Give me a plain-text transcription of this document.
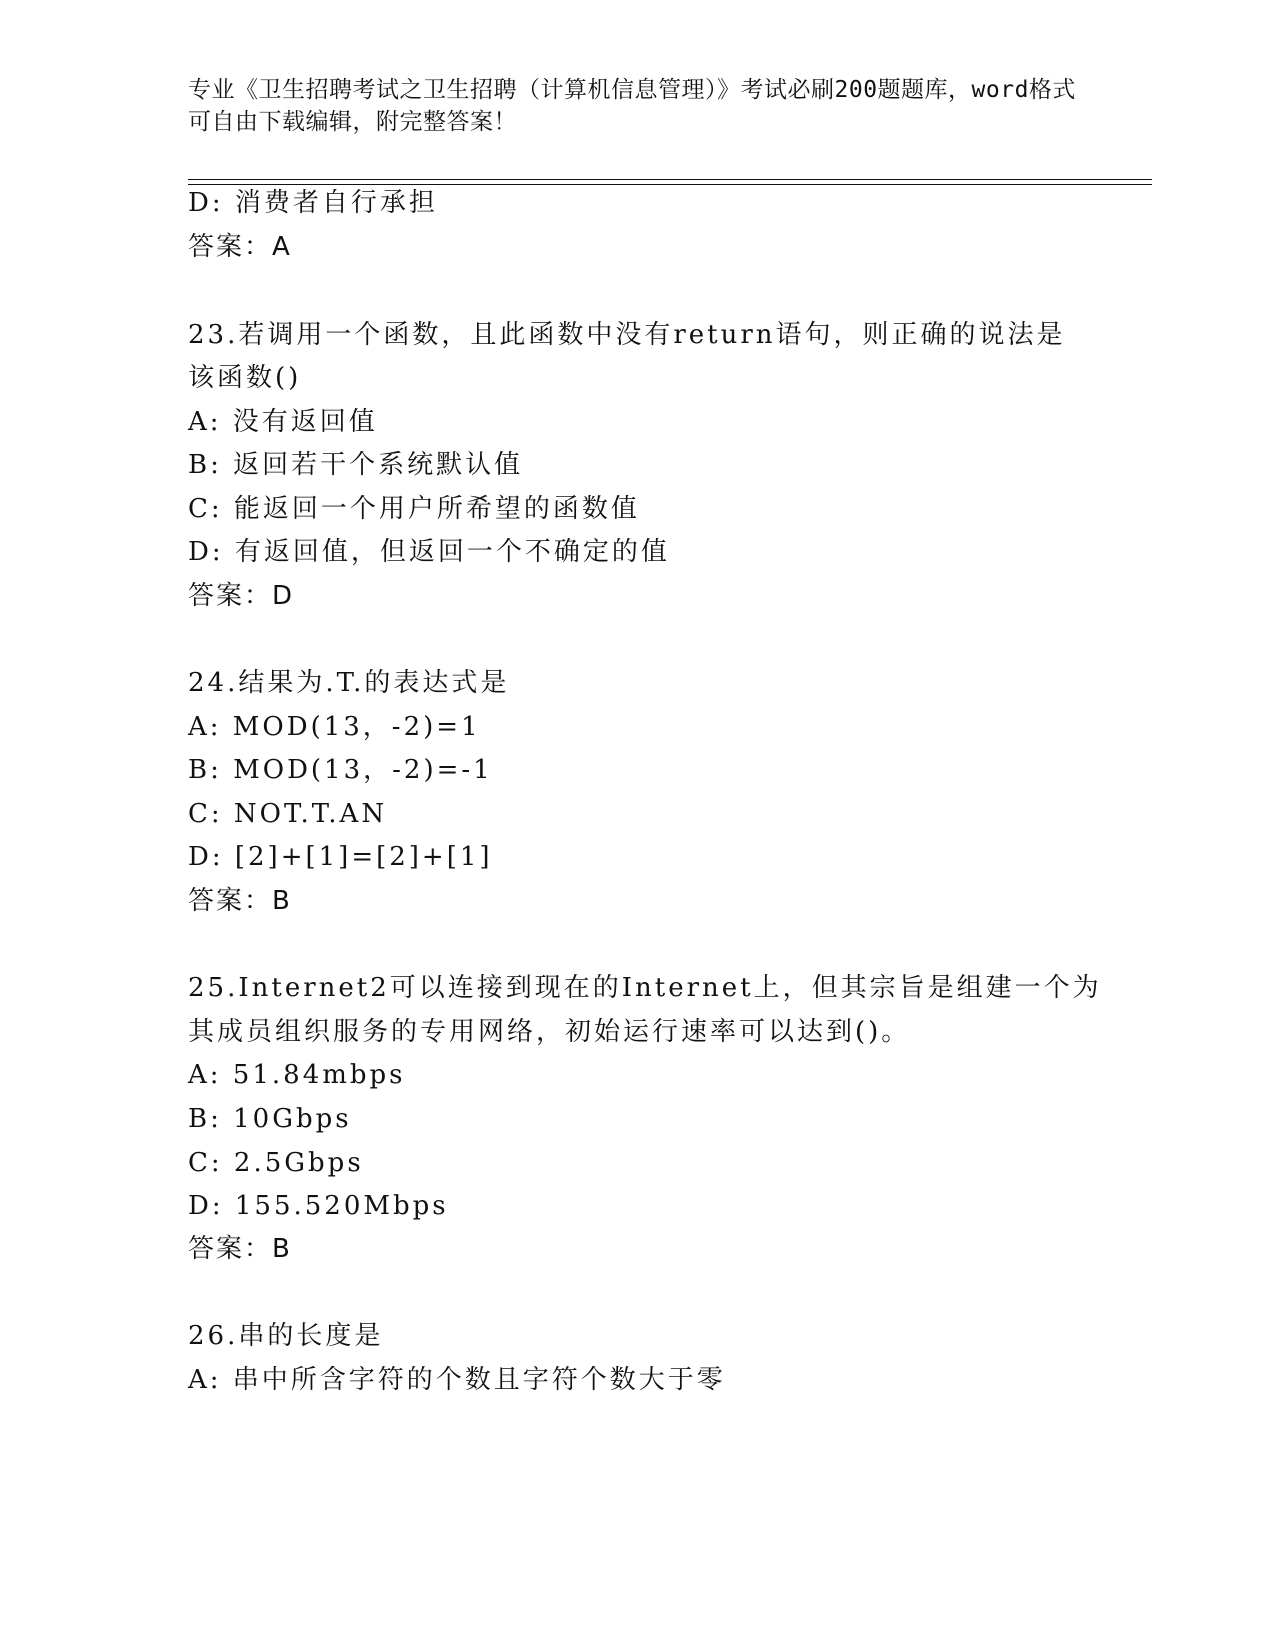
专业《卫生招聘考试之卫生招聘（计算机信息管理）》考试必刷200题题库，word格式可自由下载编辑，附完整答案！
D: 消费者自行承担
答案：A
23.若调用一个函数，且此函数中没有return语句，则正确的说法是
该函数()
A: 没有返回值
B: 返回若干个系统默认值
C: 能返回一个用户所希望的函数值
D: 有返回值，但返回一个不确定的值
答案：D
24.结果为.T.的表达式是
A: MOD(13，-2)=1
B: MOD(13，-2)=-1
C: NOT.T.AN
D: [2]+[1]=[2]+[1]
答案：B
25.Internet2可以连接到现在的Internet上，但其宗旨是组建一个为
其成员组织服务的专用网络，初始运行速率可以达到()。
A: 51.84mbps
B: 10Gbps
C: 2.5Gbps
D: 155.520Mbps
答案：B
26.串的长度是
A: 串中所含字符的个数且字符个数大于零
